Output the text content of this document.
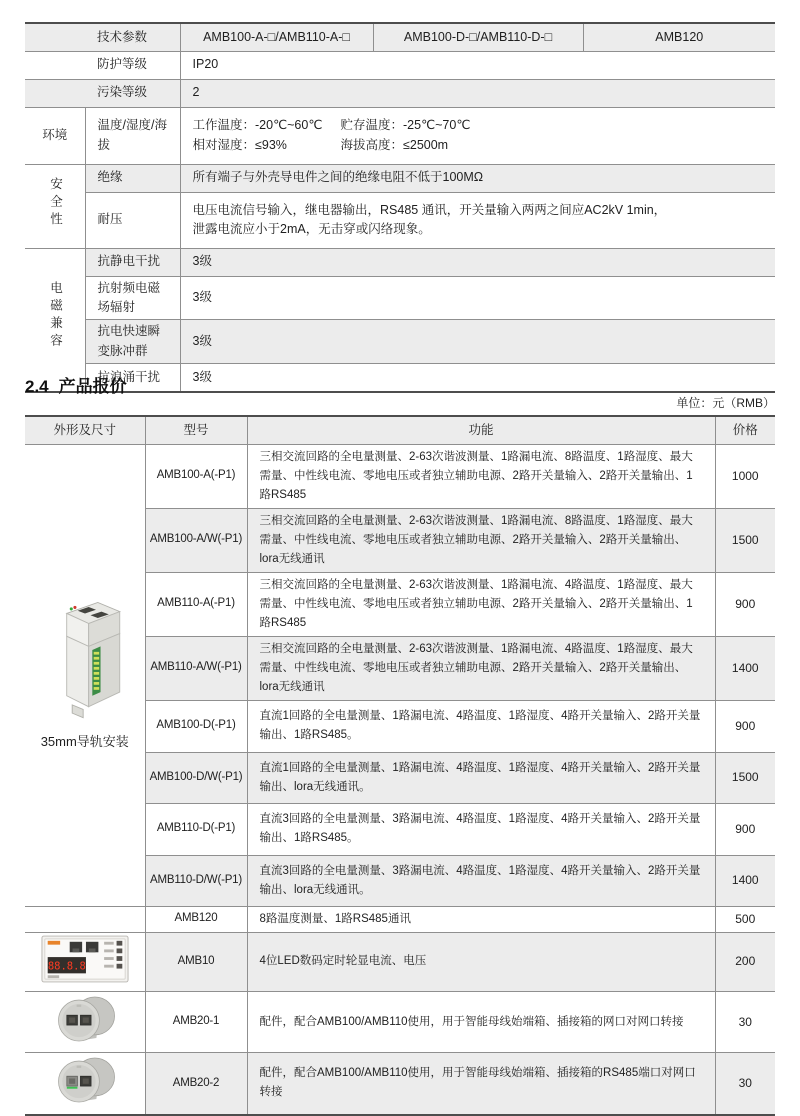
技术参数		AMB100-A-□/AMB110-A-□	AMB100-D-□/AMB110-D-□	AMB120
防护等级		IP20		
污染等级		2		
环境	温度/湿度/海拔	工作温度：-20℃~60℃ 贮存温度：-25℃~70℃
相对湿度：≤93% 海拔高度：≤2500m		

安全性	绝缘	所有端子与外壳导电件之间的绝缘电阻不低于100MΩ		
	耐压	电压电流信号输入，继电器输出，RS485 通讯，开关量输入两两之间应AC2kV 1min，
泄露电流应小于2mA，无击穿或闪络现象。		

电磁兼容	抗静电干扰	3级		
	抗射频电磁场辐射	3级		
	抗电快速瞬变脉冲群	3级		
	抗浪涌干扰	3级		
2.4 产品报价
单位：元（RMB）
外形及尺寸	型号	功能	价格

35mm导轨安装	AMB100-A(-P1)	三相交流回路的全电量测量、2-63次谐波测量、1路漏电流、8路温度、1路湿度、最大需量、中性线电流、零地电压或者独立辅助电源、2路开关量输入、2路开关量输出、1路RS485	1000
	AMB100-A/W(-P1)	三相交流回路的全电量测量、2-63次谐波测量、1路漏电流、8路温度、1路湿度、最大需量、中性线电流、零地电压或者独立辅助电源、2路开关量输入、2路开关量输出、lora无线通讯	1500
	AMB110-A(-P1)	三相交流回路的全电量测量、2-63次谐波测量、1路漏电流、4路温度、1路湿度、最大需量、中性线电流、零地电压或者独立辅助电源、2路开关量输入、2路开关量输出、1路RS485	900
	AMB110-A/W(-P1)	三相交流回路的全电量测量、2-63次谐波测量、1路漏电流、4路温度、1路湿度、最大需量、中性线电流、零地电压或者独立辅助电源、2路开关量输入、2路开关量输出、lora无线通讯	1400
	AMB100-D(-P1)	直流1回路的全电量测量、1路漏电流、4路温度、1路湿度、4路开关量输入、2路开关量输出、1路RS485。	900
	AMB100-D/W(-P1)	直流1回路的全电量测量、1路漏电流、4路温度、1路湿度、4路开关量输入、2路开关量输出、lora无线通讯。	1500
	AMB110-D(-P1)	直流3回路的全电量测量、3路漏电流、4路温度、1路湿度、4路开关量输入、2路开关量输出、1路RS485。	900
	AMB110-D/W(-P1)	直流3回路的全电量测量、3路漏电流、4路温度、1路湿度、4路开关量输入、2路开关量输出、lora无线通讯。	1400
	AMB120	8路温度测量、1路RS485通讯	500

88.8.8	AMB10	4位LED数码定时轮显电流、电压	200
	AMB20-1	配件，配合AMB100/AMB110使用，用于智能母线始端箱、插接箱的网口对网口转接	30
	AMB20-2	配件，配合AMB100/AMB110使用，用于智能母线始端箱、插接箱的RS485端口对网口转接	30
